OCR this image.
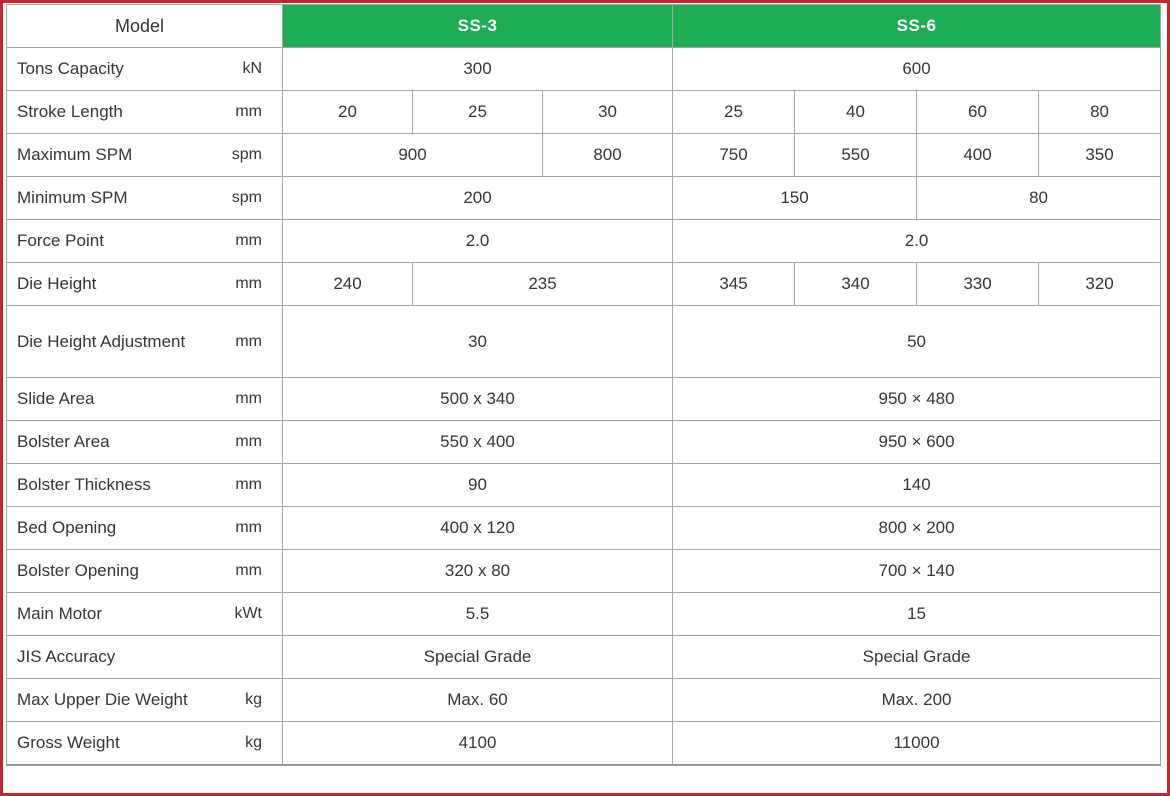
Model	SS-3			SS-6			

Tons Capacity kN	300			600			

Stroke Length mm	20	25	30	25	40	60	80

Maximum SPM spm	900		800	750	550	400	350

Minimum SPM spm	200			150		80	

Force Point mm	2.0			2.0			

Die Height mm	240	235		345	340	330	320

Die Height Adjustment mm	30			50			

Slide Area mm	500 x 340			950 × 480			

Bolster Area mm	550 x 400			950 × 600			

Bolster Thickness mm	90			140			

Bed Opening mm	400 x 120			800 × 200			

Bolster Opening mm	320 x 80			700 × 140			

Main Motor kWt	5.5			15			

JIS Accuracy	Special Grade			Special Grade			

Max Upper Die Weight kg	Max. 60			Max. 200			

Gross Weight kg	4100			11000			
